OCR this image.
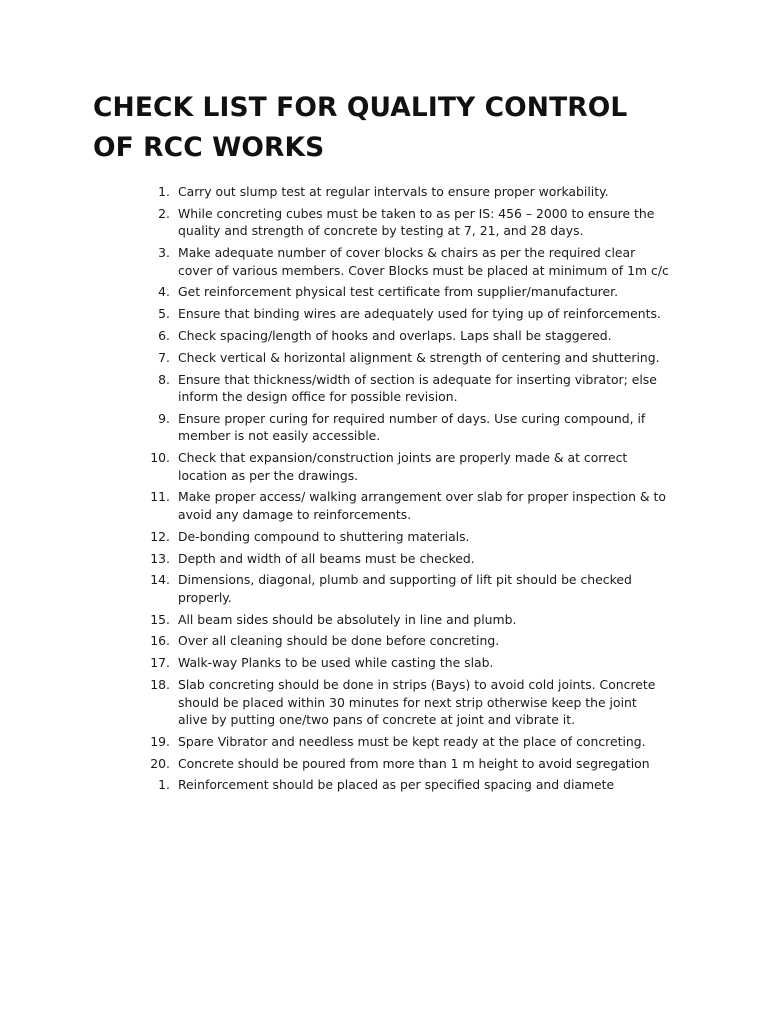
CHECK LIST FOR QUALITY CONTROL
OF RCC WORKS
1. Carry out slump test at regular intervals to ensure proper workability.
2. While concreting cubes must be taken to as per IS: 456 – 2000 to ensure the
quality and strength of concrete by testing at 7, 21, and 28 days.
3. Make adequate number of cover blocks & chairs as per the required clear
cover of various members. Cover Blocks must be placed at minimum of 1m c/c
4. Get reinforcement physical test certificate from supplier/manufacturer.
5. Ensure that binding wires are adequately used for tying up of reinforcements.
6. Check spacing/length of hooks and overlaps. Laps shall be staggered.
7. Check vertical & horizontal alignment & strength of centering and shuttering.
8. Ensure that thickness/width of section is adequate for inserting vibrator; else
inform the design office for possible revision.
9. Ensure proper curing for required number of days. Use curing compound, if
member is not easily accessible.
10. Check that expansion/construction joints are properly made & at correct
location as per the drawings.
11. Make proper access/ walking arrangement over slab for proper inspection & to
avoid any damage to reinforcements.
12. De-bonding compound to shuttering materials.
13. Depth and width of all beams must be checked.
14. Dimensions, diagonal, plumb and supporting of lift pit should be checked
properly.
15. All beam sides should be absolutely in line and plumb.
16. Over all cleaning should be done before concreting.
17. Walk-way Planks to be used while casting the slab.
18. Slab concreting should be done in strips (Bays) to avoid cold joints. Concrete
should be placed within 30 minutes for next strip otherwise keep the joint
alive by putting one/two pans of concrete at joint and vibrate it.
19. Spare Vibrator and needless must be kept ready at the place of concreting.
20. Concrete should be poured from more than 1 m height to avoid segregation
1. Reinforcement should be placed as per specified spacing and diamete
